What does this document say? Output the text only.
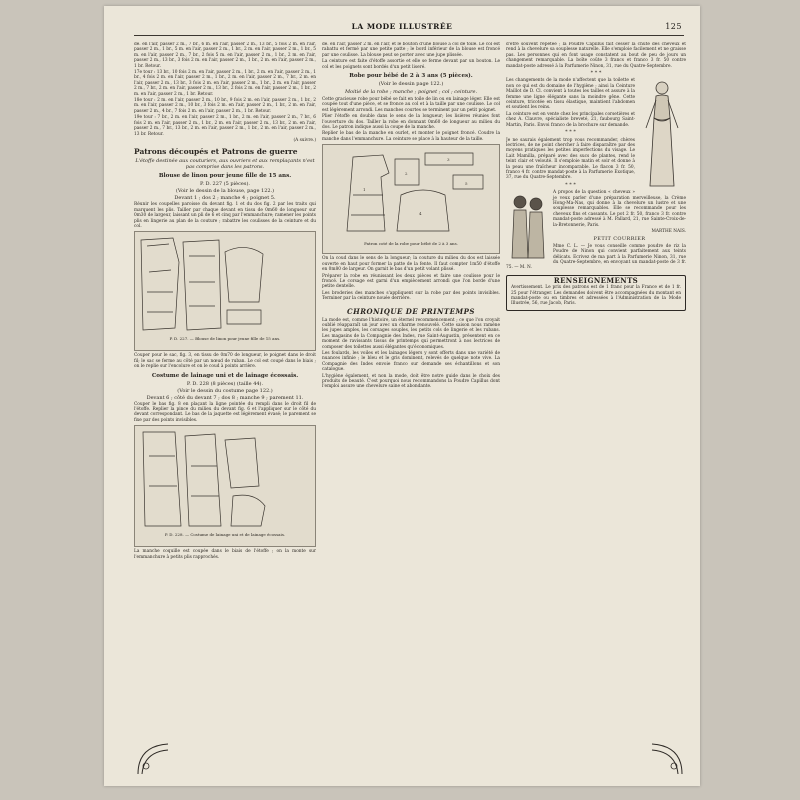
LA MODE ILLUSTRÉE	125

de. en l'air, passer 2 m., 7 br., 6 m. en l'air, passer 2 m., 13 br., 5 fois 2 m. en l'air, passer 2 m., 1 br., 5 m. en l'air, passer 2 m., 1 br., 2 m. en l'air, passer 2 m., 1 br., 5 m. en l'air, passer 2 m., 7 br., 2 fois 5 m. en l'air, passer 2 m., 1 br., 2 m. en l'air, passer 2 m., 13 br., 3 fois 2 m. en l'air, passer 2 m., 1 br., 2 m. en l'air, passer 2 m., 1 br. Retour.

17e tour : 13 br., 10 fois 2 m. en l'air, passer 2 m., 1 br., 2 m. en l'air, passer 2 m., 1 br., 4 fois 2 m. en l'air, passer 2 m., 1 br., 2 m. en l'air, passer 2 m., 7 br., 2 m. en l'air, passer 2 m., 13 br., 3 fois 2 m. en l'air, passer 2 m., 1 br., 2 m. en l'air, passer 2 m., 7 br., 2 m. en l'air, passer 2 m., 13 br., 2 fois 2 m. en l'air, passer 2 m., 1 br., 2 m. en l'air, passer 2 m., 1 br. Retour.

18e tour : 2 m. en l'air, passer 2 m., 10 br., 9 fois 2 m. en l'air, passer 2 m., 1 br., 2 m. en l'air, passer 2 m., 10 br., 3 fois 2 m. en l'air, passer 2 m., 1 br., 2 m. en l'air, passer 2 m., 4 br., 7 fois 2 m. en l'air, passer 2 m., 1 br. Retour.

19e tour : 7 br., 2 m. en l'air, passer 2 m., 1 br., 2 m. en l'air, passer 2 m., 7 br., 6 fois 2 m. en l'air, passer 2 m., 1 br., 2 m. en l'air, passer 2 m., 13 br., 2 m. en l'air, passer 2 m., 7 br., 13 br., 2 m. en l'air, passer 2 m., 1 br., 2 m. en l'air, passer 2 m., 13 br. Retour.

(A suivre.)

Patrons découpés et Patrons de guerre
L'étoffe destinée aux couturiers, aux ouvriers et aux remplaçants n'est pas comprise dans les patrons.
Blouse de linon pour jeune fille de 15 ans.
P. D. 227 (5 pièces).
(Voir le dessin de la blouse, page 122.)
Devant 1 ; dos 2 ; manche 4 ; poignet 5.

Réunir les coupelles paroisse du devant fig. 1 et du dos fig. 2 par les traits qui marquent les plis. Tailler par chaque devant en tissu de 0m60 de longueur sur 0m30 de largeur, laissant un pli de 6 et cinq par l'emmanchure; ramener les points plis en lingerie au plan de la couture ; rabattre les coulisses de la ceinture et du col.

P. D. 227. — Blouse de linon pour jeune fille de 15 ans.

Couper pour le sac, fig. 3, en tissu de 0m70 de longueur, le poignet dans le droit fil; le sac se ferme au côté par un nœud de ruban. Le col est coupé dans le biais ; on le replie sur l'encolure et on le coud à points arrière.

Costume de lainage uni et de lainage écossais.
P. D. 228 (8 pièces) (taille 44).
(Voir le dessin du costume page 122.)
Devant 6 ; côté du devant 7 ; dos 8 ; manche 9 ; parement 11.

Couper le bas fig. 8 en plaçant la ligne pointée du rempli dans le droit fil de l'étoffe. Replier la pince du milieu du devant fig. 6 et l'appliquer sur le côté du devant correspondant. Le bas de la jaquette est légèrement évasé; le parement se fixe par des points invisibles.

P. D. 228. — Costume de lainage uni et de lainage écossais.

La manche coquille est coupée dans le biais de l'étoffe ; on la monte sur l'emmanchure à petits plis rapprochés.

de. en l'air, passer 2 m. en l'air, et le bouton d'une blouse à col de toile. Le col est rabattu et fermé par une petite patte ; le bord inférieur de la blouse est froncé par une coulisse. La blouse peut se porter avec une jupe plissée.

La ceinture est faite d'étoffe assortie et elle se ferme devant par un bouton. Le col et les poignets sont bordés d'un petit liseré.

Robe pour bébé de 2 à 3 ans (5 pièces).
(Voir le dessin page 122.)
Moitié de la robe ; manche ; poignet ; col ; ceinture.

Cette gracieuse robe pour bébé se fait en toile de lin ou en lainage léger. Elle est coupée tout d'une pièce, et se fronce au col et à la taille par une coulisse. Le col est légèrement arrondi. Les manches courtes se terminent par un petit poignet.

Plier l'étoffe en double dans le sens de la longueur; les lisières réunies font l'ouverture du dos. Tailler la robe en donnant 0m60 de longueur au milieu du dos. Le patron indique aussi la coupe de la manche.

Replier le bas de la manche en ourlet, et monter le poignet froncé. Coudre la manche dans l'emmanchure. La ceinture se place à la hauteur de la taille.

1
2
3
4
5
Patron coté de la robe pour bébé de 2 à 3 ans.

On la coud dans le sens de la longueur; la couture du milieu du dos est laissée ouverte en haut pour former la patte de la fente. Il faut compter 1m50 d'étoffe en 0m80 de largeur. On garnit le bas d'un petit volant plissé.

Préparer la robe en réunissant les deux pièces et faire une coulisse pour le froncé. Le corsage est garni d'un empiècement arrondi que l'on borde d'une petite dentelle.

Les broderies des manches s'appliquent sur la robe par des points invisibles. Terminer par la ceinture nouée derrière.

CHRONIQUE DE PRINTEMPS

La mode est, comme l'histoire, un éternel recommencement ; ce que l'on croyait oublié réapparaît un jour avec un charme renouvelé. Cette saison nous ramène les jupes amples, les corsages souples, les petits cols de lingerie et les rubans. Les magasins de la Compagnie des Indes, rue Saint-Augustin, présentent en ce moment de ravissants tissus de printemps qui permettront à nos lectrices de composer des toilettes aussi élégantes qu'économiques.

Les foulards, les voiles et les lainages légers y sont offerts dans une variété de nuances infinie ; le bleu et le gris dominent, relevés de quelque note vive. La Compagnie des Indes envoie franco sur demande ses échantillons et son catalogue.

L'hygiène également, et non la mode, doit être notre guide dans le choix des produits de beauté. C'est pourquoi nous recommandons la Poudre Capillus dont l'emploi assure une chevelure saine et abondante.

d'être souvent répétée ; la Poudre Capillus fait cesser la chute des cheveux et rend à la chevelure sa souplesse naturelle. Elle s'emploie facilement et ne graisse pas. Les personnes qui en font usage constatent au bout de peu de jours un changement remarquable. La boîte coûte 3 francs et franco 3 fr. 50 contre mandat-poste adressé à la Parfumerie Ninon, 31, rue du Quatre-Septembre.

* * *

Les changements de la mode n'affectent que la toilette et non ce qui est du domaine de l'hygiène ; ainsi la Ceinture Maillot de D. Cl. convient à toutes les tailles et assure à la femme une ligne élégante sans la moindre gêne. Cette ceinture, tricotée en tissu élastique, maintient l'abdomen et soutient les reins.

La ceinture est en vente chez les principales corsetières et chez A. Clauvre, spécialiste breveté, 21, faubourg Saint-Martin, Paris. Envoi franco de la brochure sur demande.

* * *

Je ne saurais également trop vous recommander, chères lectrices, de ne point chercher à faire disparaître par des moyens pratiques les petites imperfections du visage. Le Lait Mamilla, préparé avec des sucs de plantes, rend le teint clair et velouté. Il s'emploie matin et soir et donne à la peau une fraîcheur incomparable. Le flacon 3 fr. 50, franco 4 fr. contre mandat-poste à la Parfumerie Exotique, 37, rue du Quatre-Septembre.

* * *

A propos de la question « cheveux » je veux parler d'une préparation merveilleuse, la Crème Hong-Ma-Nas, qui donne à la chevelure un lustre et une souplesse remarquables. Elle se recommande pour les cheveux fins et cassants. Le pot 2 fr. 50, franco 3 fr. contre mandat-poste adressé à M. Pallard, 21, rue Sainte-Croix-de-la-Bretonnerie, Paris.

MARTHE NAIS.

PETIT COURRIER

Mme C. L. — Je vous conseille comme poudre de riz la Poudre de Ninon qui convient parfaitement aux teints délicats. Ecrivez de ma part à la Parfumerie Ninon, 31, rue du Quatre-Septembre, en envoyant un mandat-poste de 3 fr. 75. — M. N.

RENSEIGNEMENTS

Avertissement. Le prix des patrons est de 1 franc pour la France et de 1 fr. 25 pour l'étranger. Les demandes doivent être accompagnées du montant en mandat-poste ou en timbres et adressées à l'Administration de la Mode Illustrée, 56, rue Jacob, Paris.
